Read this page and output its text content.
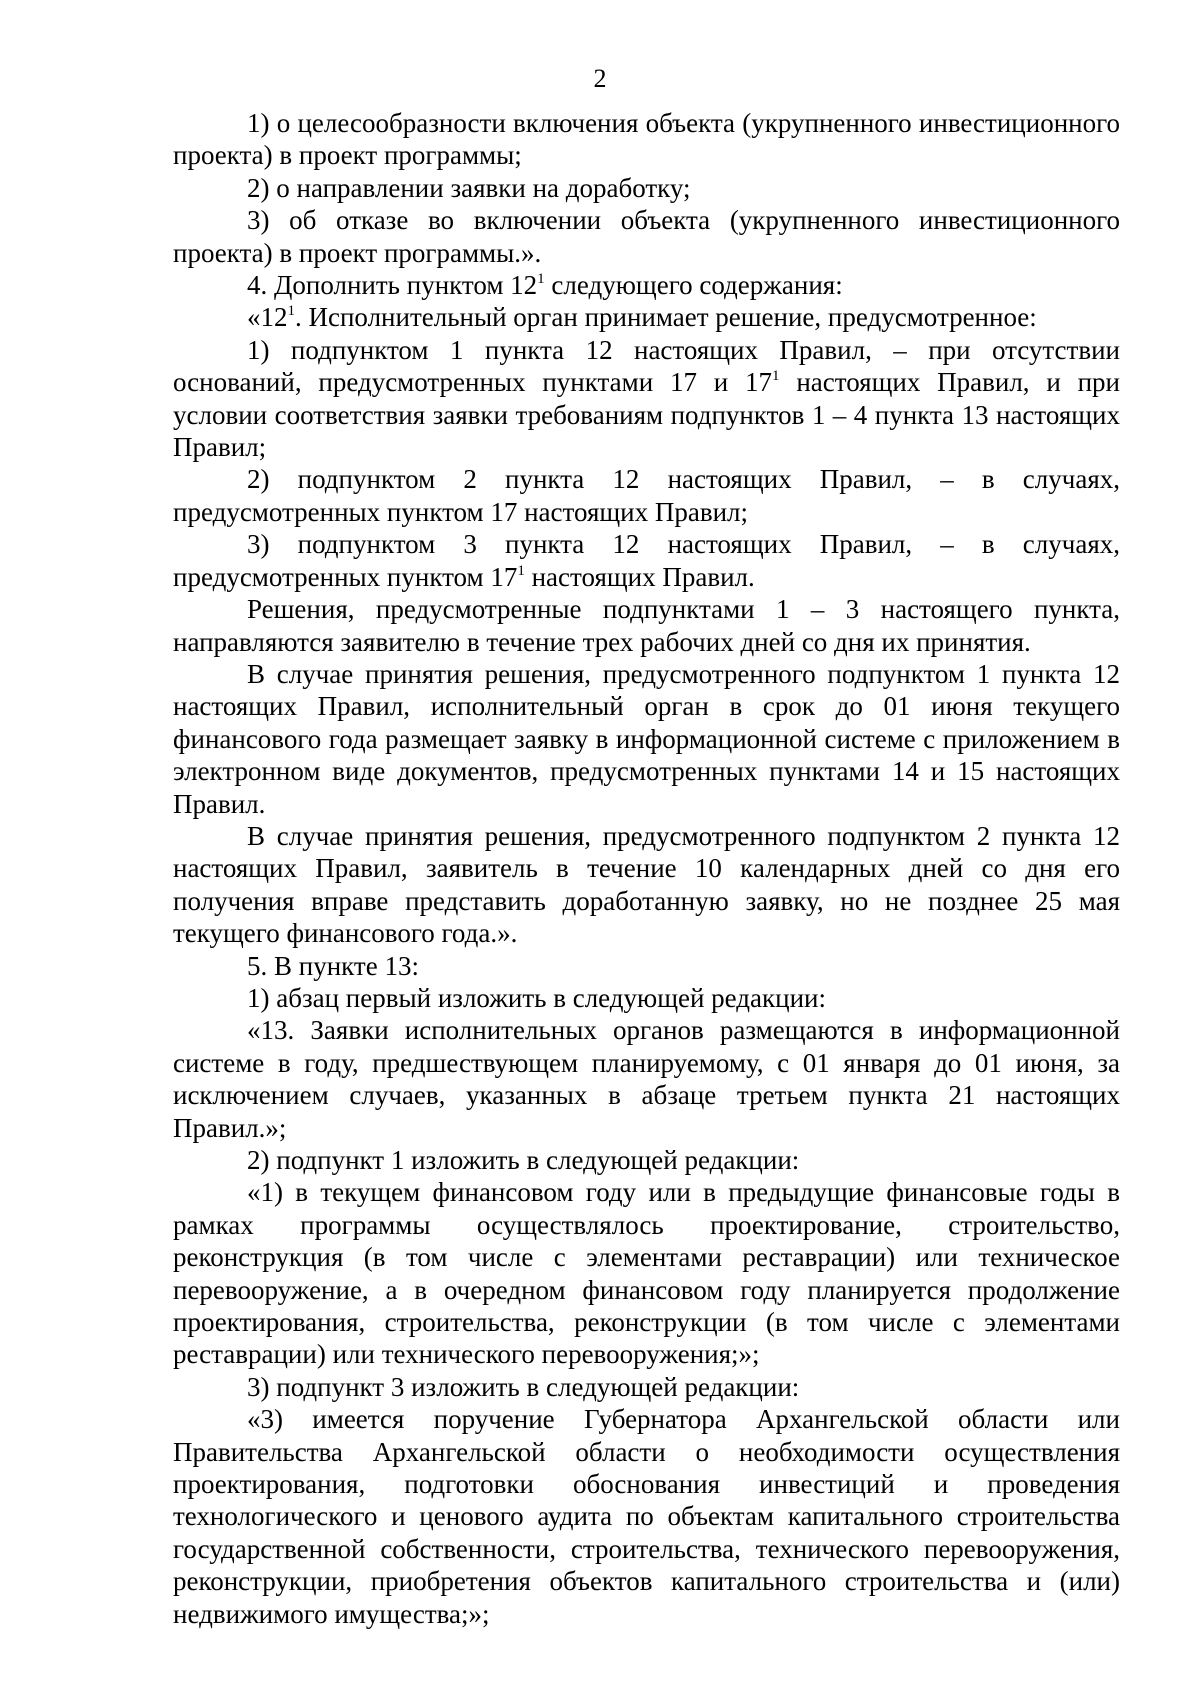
2

1) о целесообразности включения объекта (укрупненного инвестиционного проекта) в проект программы;

2) о направлении заявки на доработку;

3) об отказе во включении объекта (укрупненного инвестиционного проекта) в проект программы.».

4. Дополнить пунктом $12^1$ следующего содержания:

«$12^1$. Исполнительный орган принимает решение, предусмотренное:

1) подпунктом 1 пункта 12 настоящих Правил, – при отсутствии оснований, предусмотренных пунктами 17 и $17^1$ настоящих Правил, и при условии соответствия заявки требованиям подпунктов 1 – 4 пункта 13 настоящих Правил;

2) подпунктом 2 пункта 12 настоящих Правил, – в случаях, предусмотренных пунктом 17 настоящих Правил;

3) подпунктом 3 пункта 12 настоящих Правил, – в случаях, предусмотренных пунктом $17^1$ настоящих Правил.

Решения, предусмотренные подпунктами 1 – 3 настоящего пункта, направляются заявителю в течение трех рабочих дней со дня их принятия.

В случае принятия решения, предусмотренного подпунктом 1 пункта 12 настоящих Правил, исполнительный орган в срок до 01 июня текущего финансового года размещает заявку в информационной системе с приложением в электронном виде документов, предусмотренных пунктами 14 и 15 настоящих Правил.

В случае принятия решения, предусмотренного подпунктом 2 пункта 12 настоящих Правил, заявитель в течение 10 календарных дней со дня его получения вправе представить доработанную заявку, но не позднее 25 мая текущего финансового года.».

5. В пункте 13:

1) абзац первый изложить в следующей редакции:

«13. Заявки исполнительных органов размещаются в информационной системе в году, предшествующем планируемому, с 01 января до 01 июня, за исключением случаев, указанных в абзаце третьем пункта 21 настоящих Правил.»;

2) подпункт 1 изложить в следующей редакции:

«1) в текущем финансовом году или в предыдущие финансовые годы в рамках программы осуществлялось проектирование, строительство, реконструкция (в том числе с элементами реставрации) или техническое перевооружение, а в очередном финансовом году планируется продолжение проектирования, строительства, реконструкции (в том числе с элементами реставрации) или технического перевооружения;»;

3) подпункт 3 изложить в следующей редакции:

«3) имеется поручение Губернатора Архангельской области или Правительства Архангельской области о необходимости осуществления проектирования, подготовки обоснования инвестиций и проведения технологического и ценового аудита по объектам капитального строительства государственной собственности, строительства, технического перевооружения, реконструкции, приобретения объектов капитального строительства и (или) недвижимого имущества;»;
